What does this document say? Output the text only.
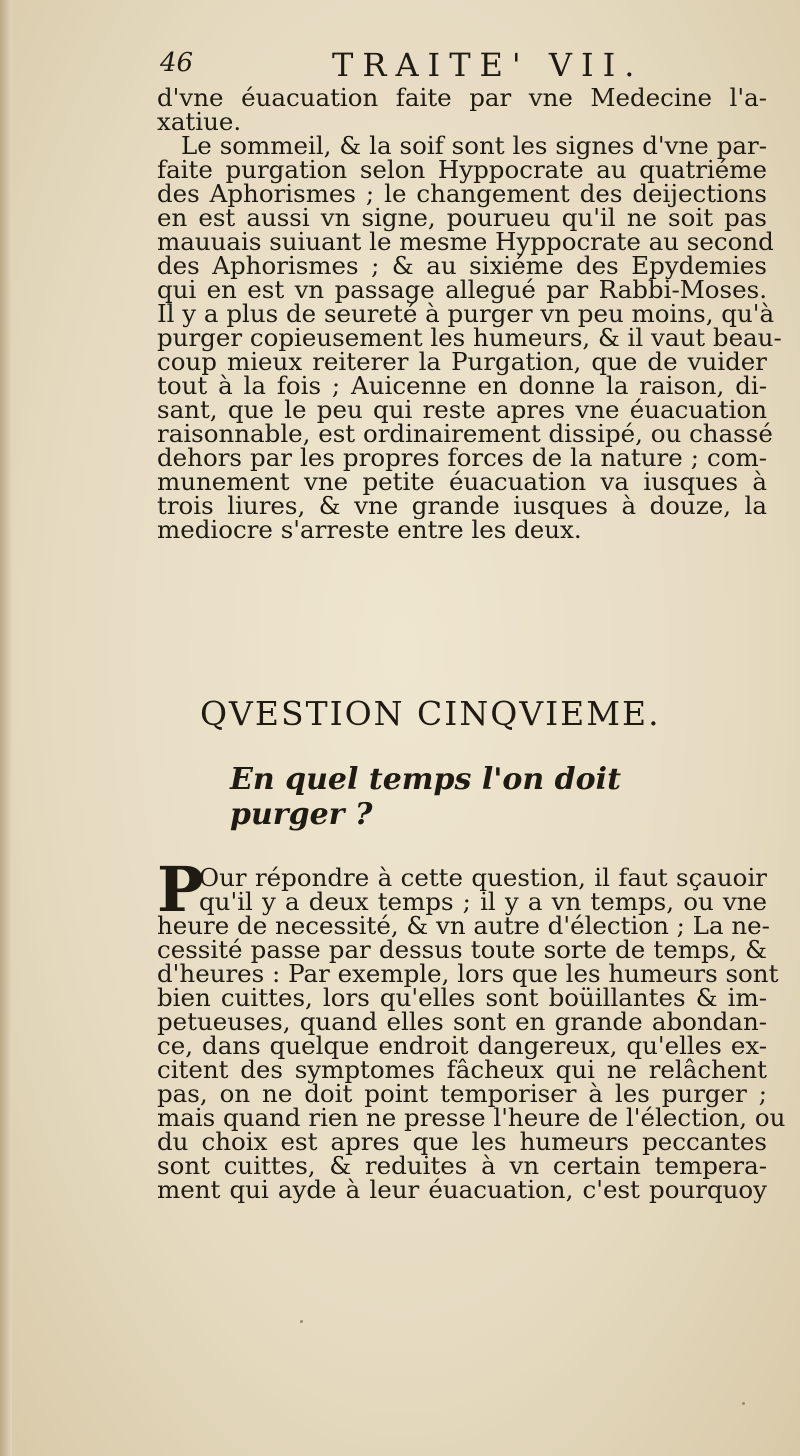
46	TRAITE' VII.
d'vne éuacuation faite par vne Medecine l'a-
xatiue.
Le sommeil, & la soif sont les signes d'vne par-
faite purgation selon Hyppocrate au quatriéme
des Aphorismes ; le changement des deijections
en est aussi vn signe, pourueu qu'il ne soit pas
mauuais suiuant le mesme Hyppocrate au second
des Aphorismes ; & au sixiéme des Epydemies
qui en est vn passage allegué par Rabbi-Moses.
Il y a plus de seureté à purger vn peu moins, qu'à
purger copieusement les humeurs, & il vaut beau-
coup mieux reiterer la Purgation, que de vuider
tout à la fois ; Auicenne en donne la raison, di-
sant, que le peu qui reste apres vne éuacuation
raisonnable, est ordinairement dissipé, ou chassé
dehors par les propres forces de la nature ; com-
munement vne petite éuacuation va iusques à
trois liures, & vne grande iusques à douze, la
mediocre s'arreste entre les deux.
QVESTION CINQVIEME.
En quel temps l'on doit purger ?
P
Our répondre à cette question, il faut sçauoir
qu'il y a deux temps ; il y a vn temps, ou vne
heure de necessité, & vn autre d'élection ; La ne-
cessité passe par dessus toute sorte de temps, &
d'heures : Par exemple, lors que les humeurs sont
bien cuittes, lors qu'elles sont boüillantes & im-
petueuses, quand elles sont en grande abondan-
ce, dans quelque endroit dangereux, qu'elles ex-
citent des symptomes fâcheux qui ne relâchent
pas, on ne doit point temporiser à les purger ;
mais quand rien ne presse l'heure de l'élection, ou
du choix est apres que les humeurs peccantes
sont cuittes, & reduites à vn certain tempera-
ment qui ayde à leur éuacuation, c'est pourquoy
